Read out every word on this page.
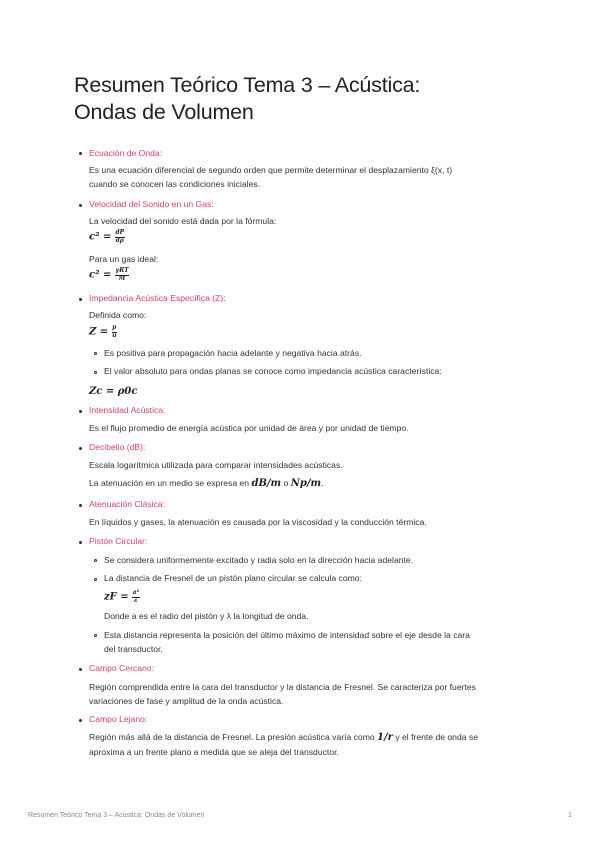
Resumen Teórico Tema 3 – Acústica:
Ondas de Volumen
Ecuación de Onda:
Es una ecuación diferencial de segundo orden que permite determinar el desplazamiento ξ(x, t)
cuando se conocen las condiciones iniciales.
Velocidad del Sonido en un Gas:
La velocidad del sonido está dada por la fórmula:
$c^2 = \frac{dP}{d\rho}$
Para un gas ideal:
$c^2 = \frac{\text{γRT}}{M}$
Impedancia Acústica Específica (Z):
Definida como:
$Z = \frac{p}{u}$
Es positiva para propagación hacia adelante y negativa hacia atrás.
El valor absoluto para ondas planas se conoce como impedancia acústica característica:
Zc = ρ0c
Intensidad Acústica:
Es el flujo promedio de energía acústica por unidad de área y por unidad de tiempo.
Decibelio (dB):
Escala logarítmica utilizada para comparar intensidades acústicas.
La atenuación en un medio se expresa en dB/m o Np/m.
Atenuación Clásica:
En líquidos y gases, la atenuación es causada por la viscosidad y la conducción térmica.
Pistón Circular:
Se considera uniformemente excitado y radia solo en la dirección hacia adelante.
La distancia de Fresnel de un pistón plano circular se calcula como:
zF = $\frac{\text{a²}}{\lambda}$
Donde a es el radio del pistón y λ la longitud de onda.
Esta distancia representa la posición del último máximo de intensidad sobre el eje desde la cara
del transductor.
Campo Cercano:
Región comprendida entre la cara del transductor y la distancia de Fresnel. Se caracteriza por fuertes
variaciones de fase y amplitud de la onda acústica.
Campo Lejano:
Región más allá de la distancia de Fresnel. La presión acústica varía como 1/r y el frente de onda se
aproxima a un frente plano a medida que se aleja del transductor.
Resumen Teórico Tema 3 – Acústica: Ondas de Volumen	1
